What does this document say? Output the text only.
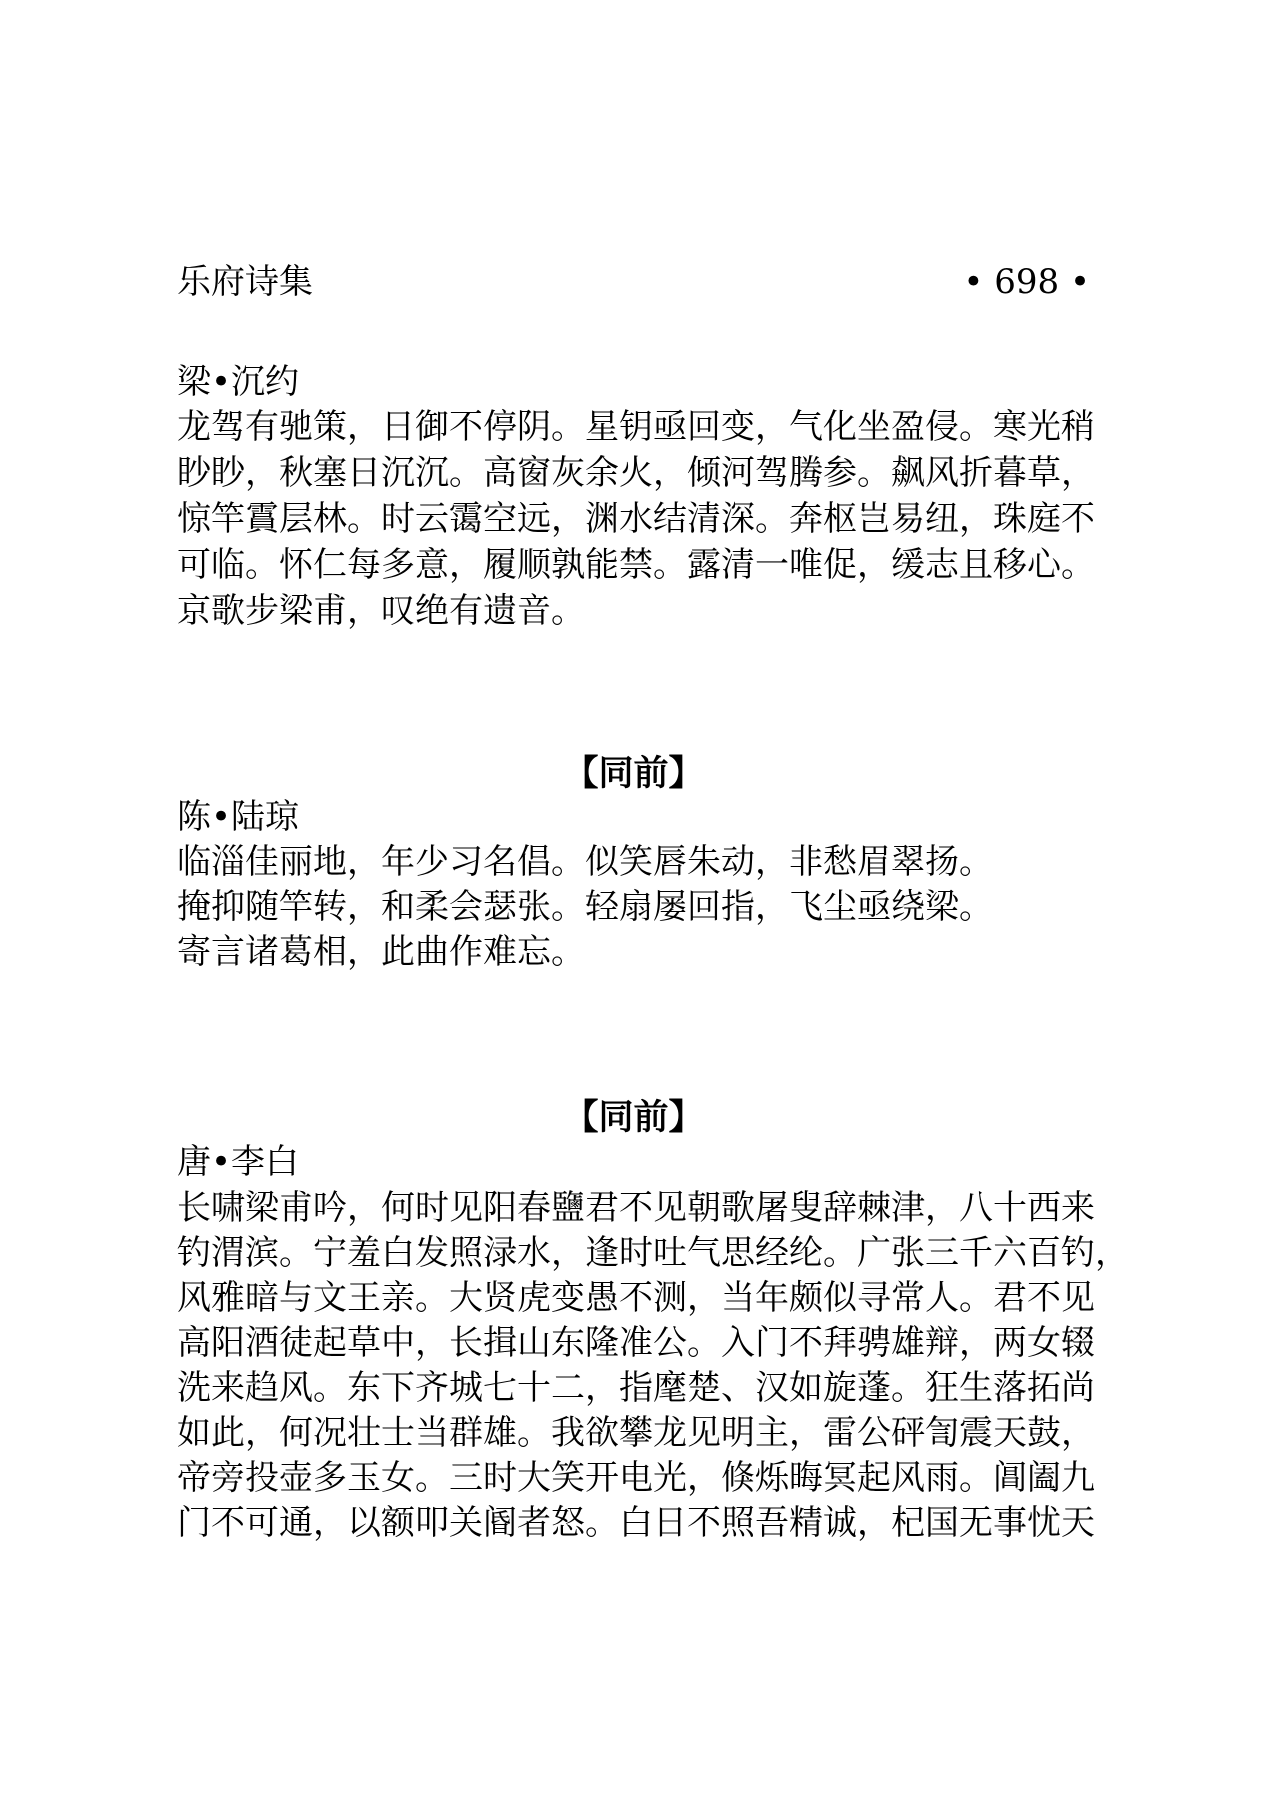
乐府诗集	• 698 •
梁•沉约
龙驾有驰策，日御不停阴。星钥亟回变，气化坐盈侵。寒光稍
眇眇，秋塞日沉沉。高窗灰余火，倾河驾腾参。飙风折暮草，
惊竿霣层林。时云霭空远，渊水结清深。奔枢岂易纽，珠庭不
可临。怀仁每多意，履顺孰能禁。露清一唯促，缓志且移心。
京歌步梁甫，叹绝有遗音。
【同前】
陈•陆琼
临淄佳丽地，年少习名倡。似笑唇朱动，非愁眉翠扬。
掩抑随竿转，和柔会瑟张。轻扇屡回指，飞尘亟绕梁。
寄言诸葛相，此曲作难忘。
【同前】
唐•李白
长啸梁甫吟，何时见阳春鹽君不见朝歌屠叟辞棘津，八十西来
钓渭滨。宁羞白发照渌水，逢时吐气思经纶。广张三千六百钓，
风雅暗与文王亲。大贤虎变愚不测，当年颇似寻常人。君不见
高阳酒徒起草中，长揖山东隆准公。入门不拜骋雄辩，两女辍
洗来趋风。东下齐城七十二，指麾楚、汉如旋蓬。狂生落拓尚
如此，何况壮士当群雄。我欲攀龙见明主，雷公砰訇震天鼓，
帝旁投壶多玉女。三时大笑开电光，倏烁晦冥起风雨。阊阖九
门不可通，以额叩关阍者怒。白日不照吾精诚，杞国无事忧天
